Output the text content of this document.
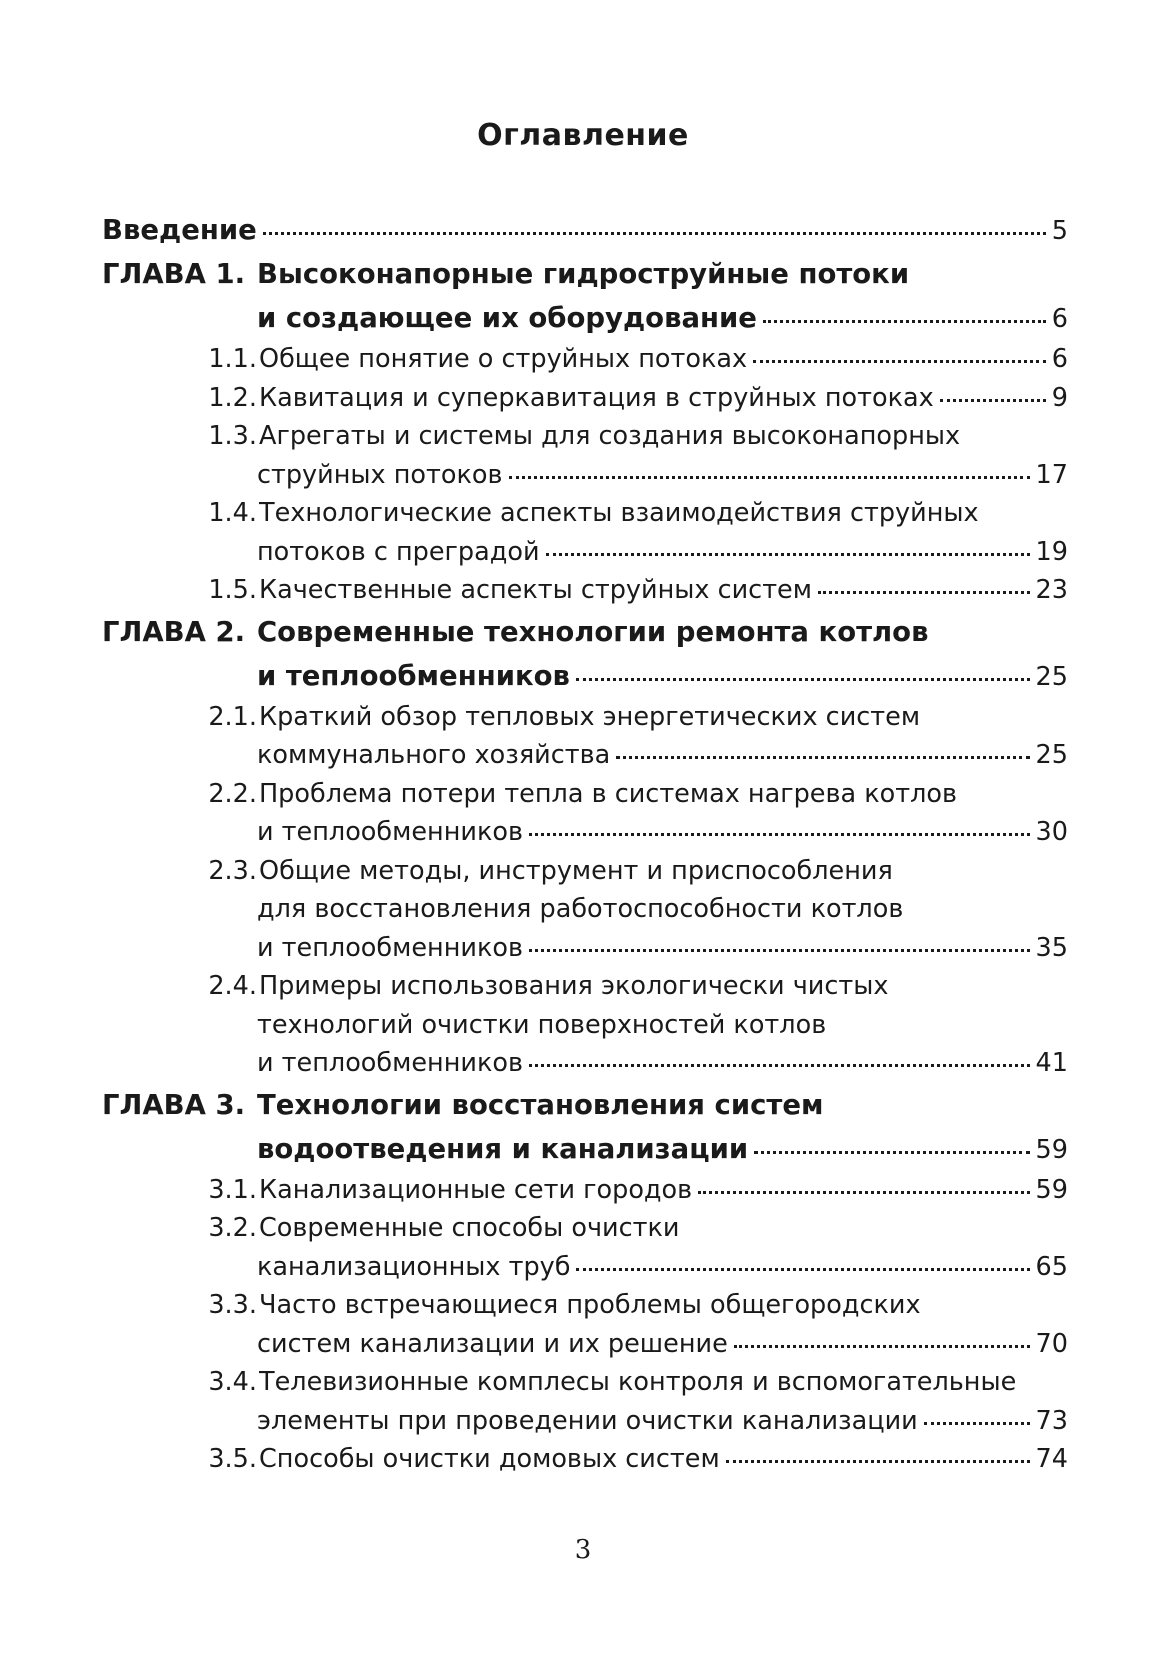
Оглавление
Введение	5
ГЛАВА 1. Высоконапорные гидроструйные потоки
и создающее их оборудование	6
1.1. Общее понятие о струйных потоках	6
1.2. Кавитация и суперкавитация в струйных потоках	9
1.3. Агрегаты и системы для создания высоконапорных
струйных потоков	17
1.4. Технологические аспекты взаимодействия струйных
потоков с преградой	19
1.5. Качественные аспекты струйных систем	23
ГЛАВА 2. Современные технологии ремонта котлов
и теплообменников	25
2.1. Краткий обзор тепловых энергетических систем
коммунального хозяйства	25
2.2. Проблема потери тепла в системах нагрева котлов
и теплообменников	30
2.3. Общие методы, инструмент и приспособления
для восстановления работоспособности котлов
и теплообменников	35
2.4. Примеры использования экологически чистых
технологий очистки поверхностей котлов
и теплообменников	41
ГЛАВА 3. Технологии восстановления систем
водоотведения и канализации	59
3.1. Канализационные сети городов	59
3.2. Современные способы очистки
канализационных труб	65
3.3. Часто встречающиеся проблемы общегородских
систем канализации и их решение	70
3.4. Телевизионные комплесы контроля и вспомогательные
элементы при проведении очистки канализации	73
3.5. Способы очистки домовых систем	74
3
